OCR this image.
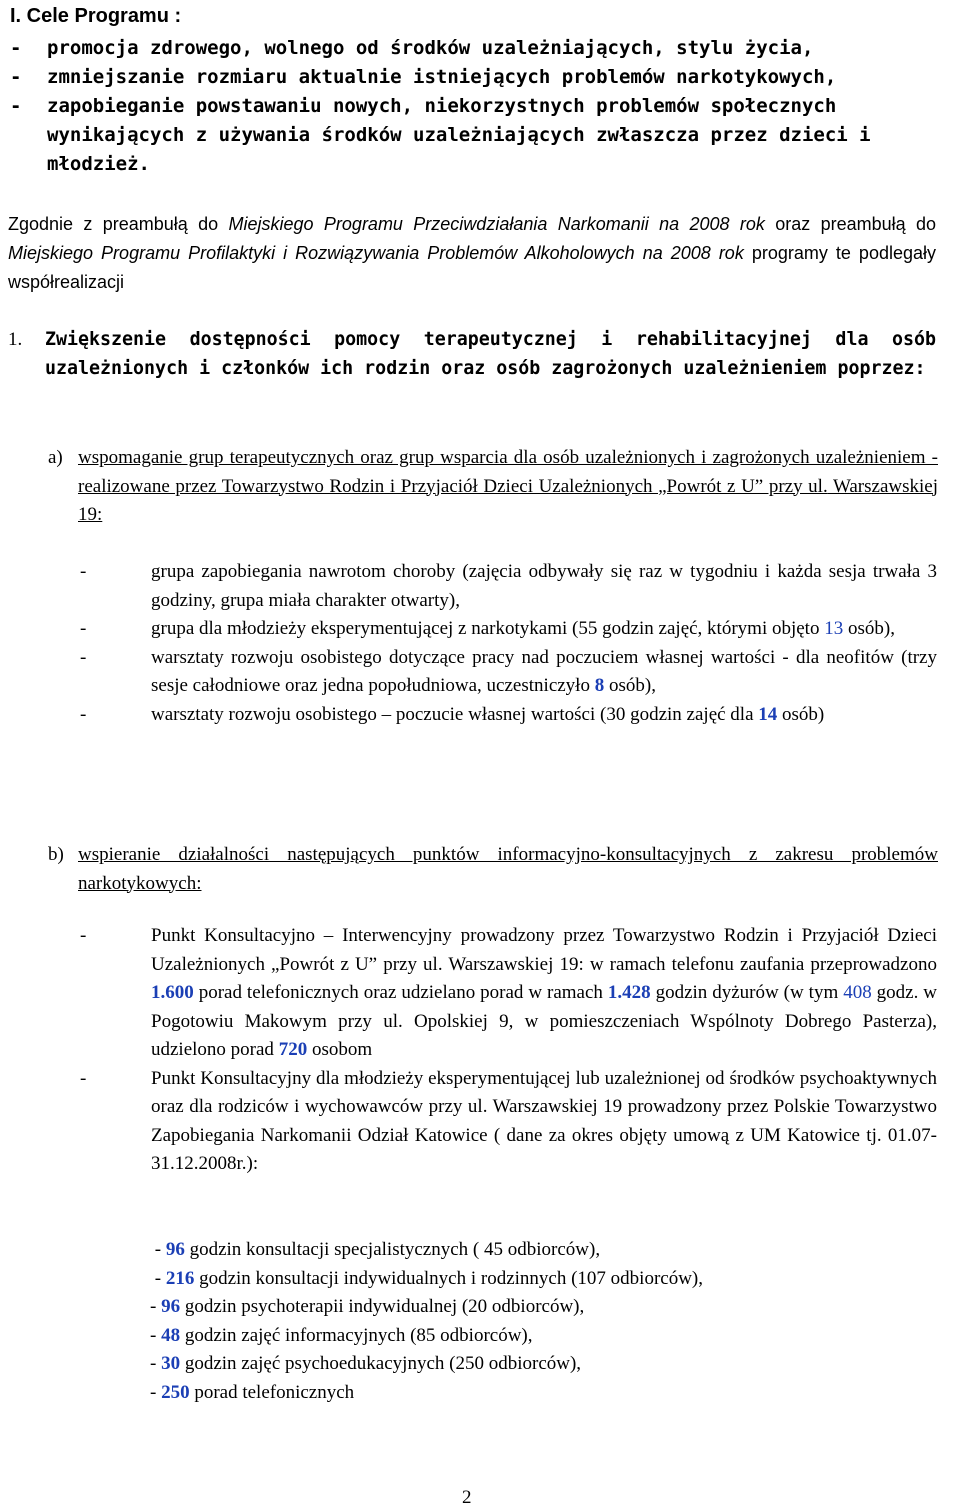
I. Cele Programu :
- promocja zdrowego, wolnego od środków uzależniających, stylu życia,
- zmniejszanie rozmiaru aktualnie istniejących problemów narkotykowych,
- zapobieganie powstawaniu nowych, niekorzystnych problemów społecznych wynikających z używania środków uzależniających zwłaszcza przez dzieci i młodzież.

Zgodnie z preambułą do Miejskiego Programu Przeciwdziałania Narkomanii na 2008 rok oraz preambułą do Miejskiego Programu Profilaktyki i Rozwiązywania Problemów Alkoholowych na 2008 rok programy te podlegały współrealizacji

1.	Zwiększenie dostępności pomocy terapeutycznej i rehabilitacyjnej dla osób uzależnionych i członków ich rodzin oraz osób zagrożonych uzależnieniem poprzez:
a) wspomaganie grup terapeutycznych oraz grup wsparcia dla osób uzależnionych i zagrożonych uzależnieniem - realizowane przez Towarzystwo Rodzin i Przyjaciół Dzieci Uzależnionych „Powrót z U” przy ul. Warszawskiej 19:
-	grupa zapobiegania nawrotom choroby (zajęcia odbywały się raz w tygodniu i każda sesja trwała 3 godziny, grupa miała charakter otwarty),
-	grupa dla młodzieży eksperymentującej z narkotykami (55 godzin zajęć, którymi objęto 13 osób),
-	warsztaty rozwoju osobistego dotyczące pracy nad poczuciem własnej wartości - dla neofitów (trzy sesje całodniowe oraz jedna popołudniowa, uczestniczyło 8 osób),
-	warsztaty rozwoju osobistego – poczucie własnej wartości (30 godzin zajęć dla 14 osób)
b) wspieranie działalności następujących punktów informacyjno-konsultacyjnych z zakresu problemów narkotykowych:
-	Punkt Konsultacyjno – Interwencyjny prowadzony przez Towarzystwo Rodzin i Przyjaciół Dzieci Uzależnionych „Powrót z U” przy ul. Warszawskiej 19: w ramach telefonu zaufania przeprowadzono 1.600 porad telefonicznych oraz udzielano porad w ramach 1.428 godzin dyżurów (w tym 408 godz. w Pogotowiu Makowym przy ul. Opolskiej 9, w pomieszczeniach Wspólnoty Dobrego Pasterza), udzielono porad 720 osobom
-	Punkt Konsultacyjny dla młodzieży eksperymentującej lub uzależnionej od środków psychoaktywnych oraz dla rodziców i wychowawców przy ul. Warszawskiej 19 prowadzony przez Polskie Towarzystwo Zapobiegania Narkomanii Odział Katowice ( dane za okres objęty umową z UM Katowice tj. 01.07-31.12.2008r.):
- 96 godzin konsultacji specjalistycznych ( 45 odbiorców),
- 216 godzin konsultacji indywidualnych i rodzinnych (107 odbiorców),
- 96 godzin psychoterapii indywidualnej (20 odbiorców),
- 48 godzin zajęć informacyjnych (85 odbiorców),
- 30 godzin zajęć psychoedukacyjnych (250 odbiorców),
- 250 porad telefonicznych

2
